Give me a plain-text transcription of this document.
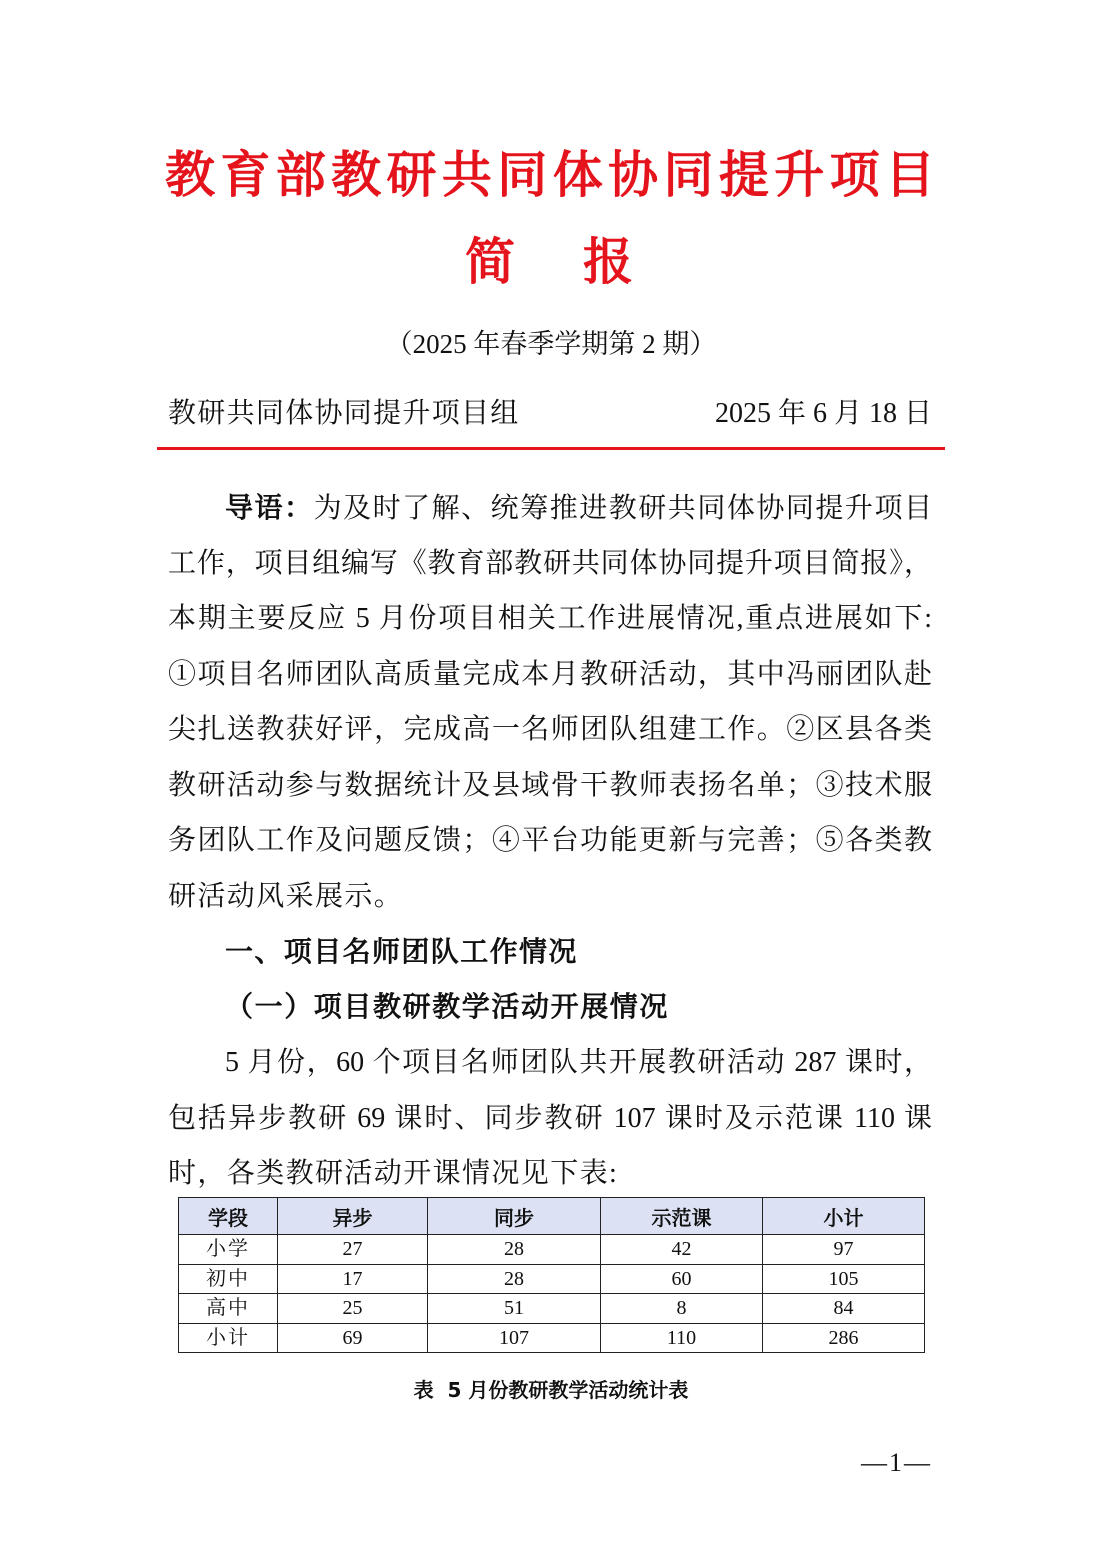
教育部教研共同体协同提升项目
简　报
（2025 年春季学期第 2 期）
教研共同体协同提升项目组	2025 年 6 月 18 日
导语：为及时了解、统筹推进教研共同体协同提升项目
工作，项目组编写《教育部教研共同体协同提升项目简报》，
本期主要反应 5 月份项目相关工作进展情况,重点进展如下:
①项目名师团队高质量完成本月教研活动，其中冯丽团队赴
尖扎送教获好评，完成高一名师团队组建工作。②区县各类
教研活动参与数据统计及县域骨干教师表扬名单；③技术服
务团队工作及问题反馈；④平台功能更新与完善；⑤各类教
研活动风采展示。
一、项目名师团队工作情况
（一）项目教研教学活动开展情况
5 月份，60 个项目名师团队共开展教研活动 287 课时，
包括异步教研 69 课时、同步教研 107 课时及示范课 110 课
时，各类教研活动开课情况见下表:
学段	异步	同步	示范课	小计
小学	27	28	42	97
初中	17	28	60	105
高中	25	51	8	84
小计	69	107	110	286
表  5 月份教研教学活动统计表
—1—
